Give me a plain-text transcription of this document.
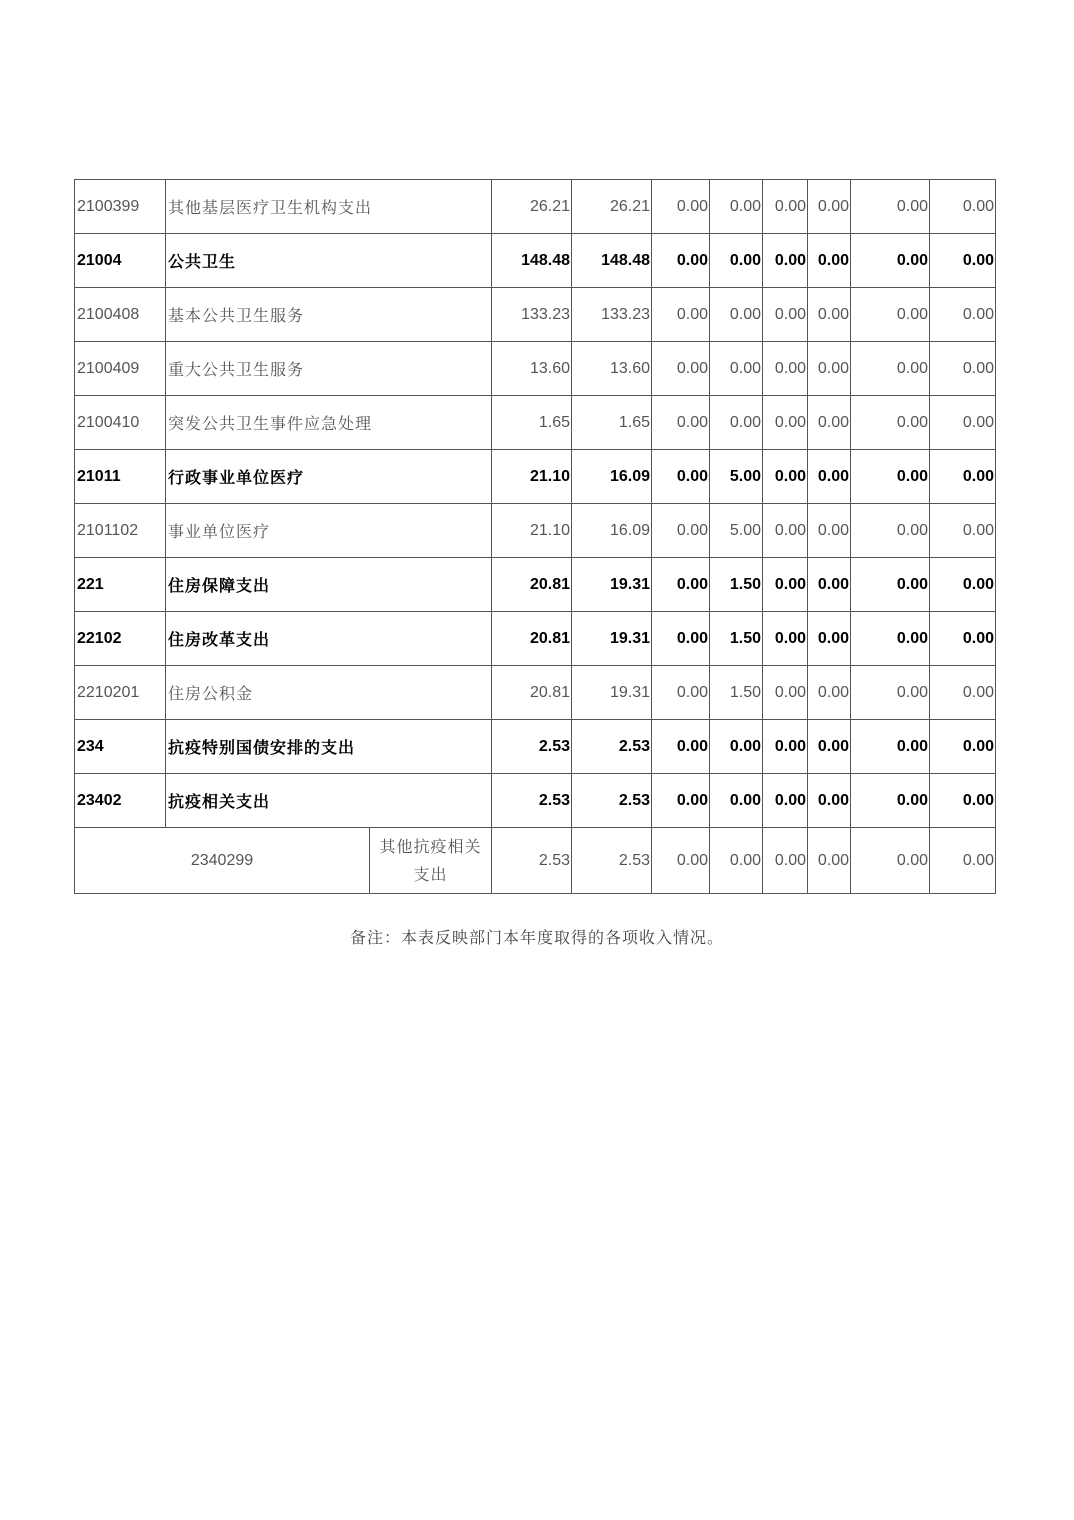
2100399	其他基层医疗卫生机构支出		26.21	26.21	0.00	0.00	0.00	0.00	0.00	0.00
21004	公共卫生		148.48	148.48	0.00	0.00	0.00	0.00	0.00	0.00
2100408	基本公共卫生服务		133.23	133.23	0.00	0.00	0.00	0.00	0.00	0.00
2100409	重大公共卫生服务		13.60	13.60	0.00	0.00	0.00	0.00	0.00	0.00
2100410	突发公共卫生事件应急处理		1.65	1.65	0.00	0.00	0.00	0.00	0.00	0.00
21011	行政事业单位医疗		21.10	16.09	0.00	5.00	0.00	0.00	0.00	0.00
2101102	事业单位医疗		21.10	16.09	0.00	5.00	0.00	0.00	0.00	0.00
221	住房保障支出		20.81	19.31	0.00	1.50	0.00	0.00	0.00	0.00
22102	住房改革支出		20.81	19.31	0.00	1.50	0.00	0.00	0.00	0.00
2210201	住房公积金		20.81	19.31	0.00	1.50	0.00	0.00	0.00	0.00
234	抗疫特别国债安排的支出		2.53	2.53	0.00	0.00	0.00	0.00	0.00	0.00
23402	抗疫相关支出		2.53	2.53	0.00	0.00	0.00	0.00	0.00	0.00
2340299		其他抗疫相关支出	2.53	2.53	0.00	0.00	0.00	0.00	0.00	0.00
备注：本表反映部门本年度取得的各项收入情况。
